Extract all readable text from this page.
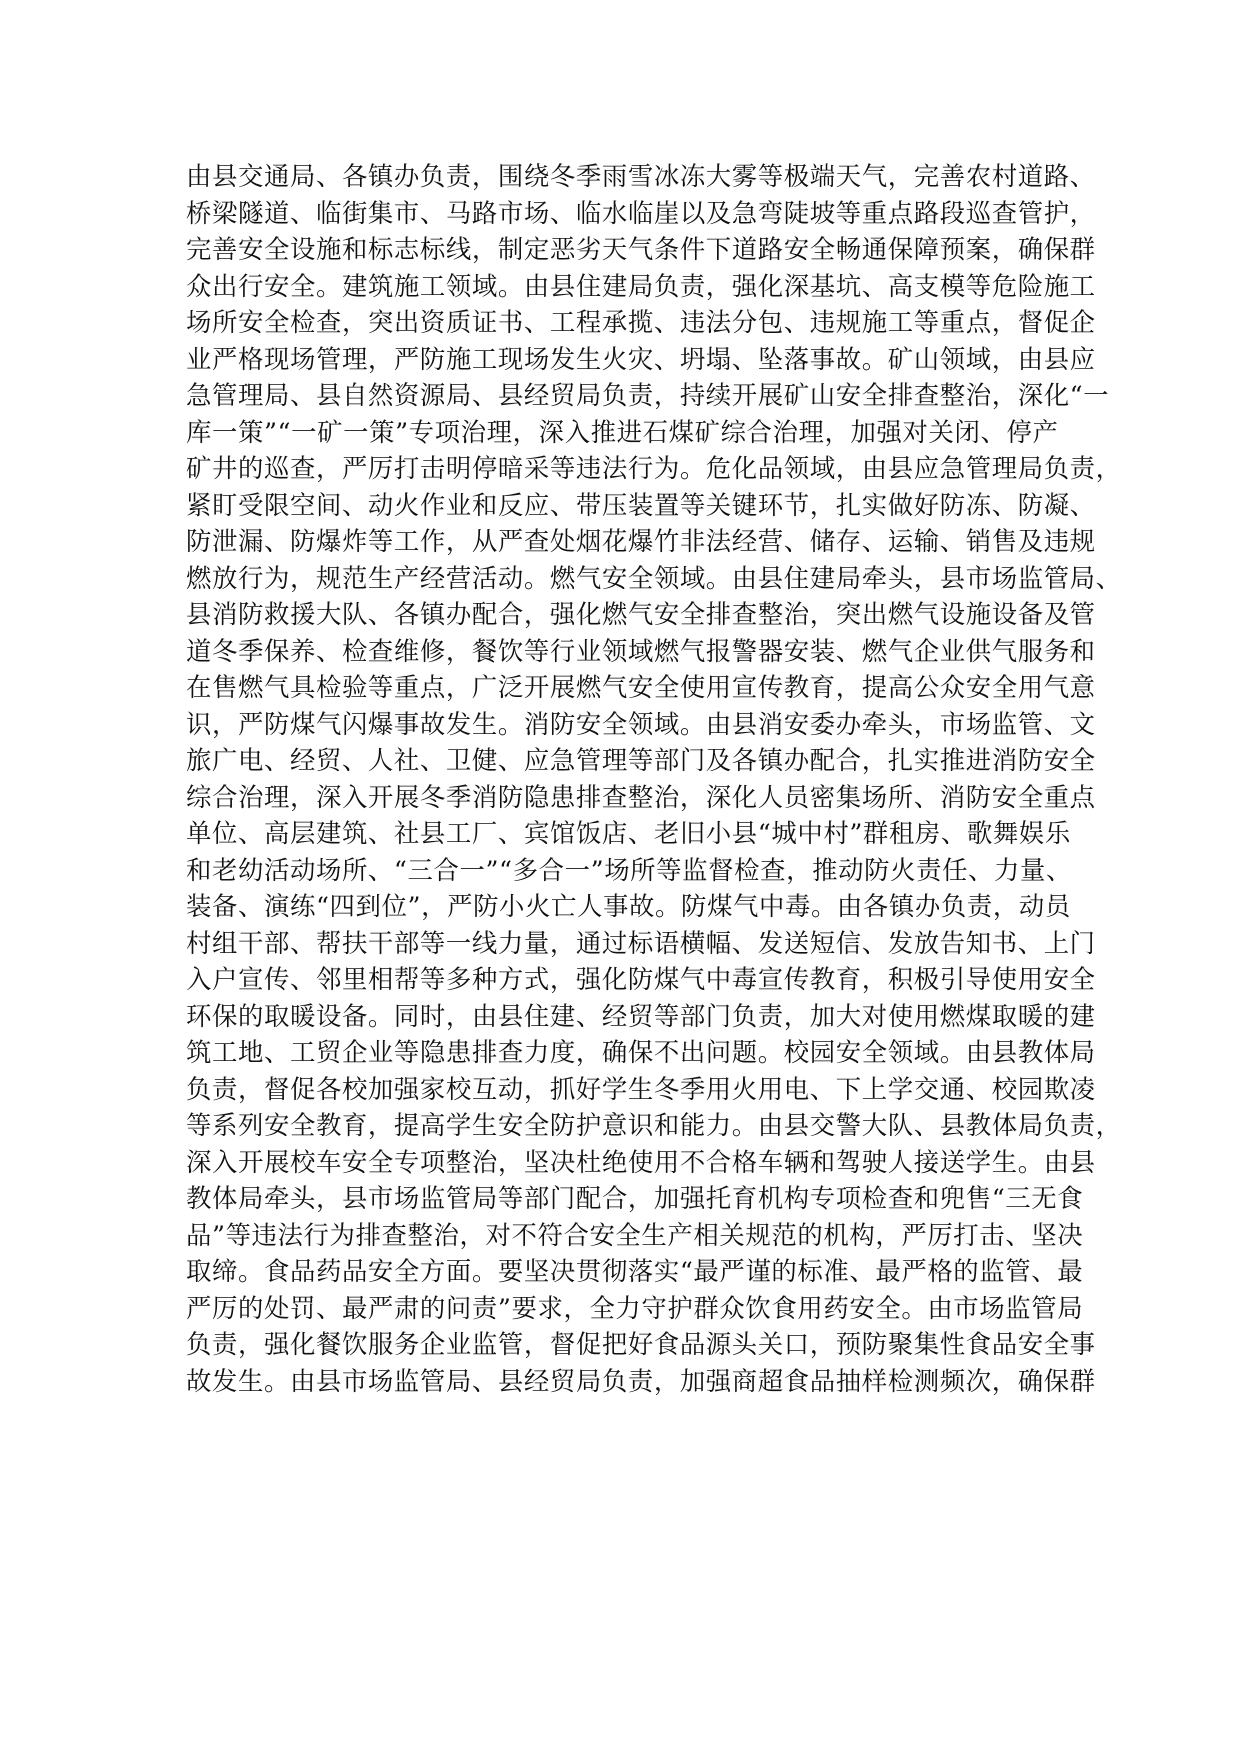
由县交通局、各镇办负责，围绕冬季雨雪冰冻大雾等极端天气，完善农村道路、
桥梁隧道、临街集市、马路市场、临水临崖以及急弯陡坡等重点路段巡查管护，
完善安全设施和标志标线，制定恶劣天气条件下道路安全畅通保障预案，确保群
众出行安全。建筑施工领域。由县住建局负责，强化深基坑、高支模等危险施工
场所安全检查，突出资质证书、工程承揽、违法分包、违规施工等重点，督促企
业严格现场管理，严防施工现场发生火灾、坍塌、坠落事故。矿山领域，由县应
急管理局、县自然资源局、县经贸局负责，持续开展矿山安全排查整治，深化“一
库一策”“一矿一策”专项治理，深入推进石煤矿综合治理，加强对关闭、停产
矿井的巡查，严厉打击明停暗采等违法行为。危化品领域，由县应急管理局负责，
紧盯受限空间、动火作业和反应、带压装置等关键环节，扎实做好防冻、防凝、
防泄漏、防爆炸等工作，从严查处烟花爆竹非法经营、储存、运输、销售及违规
燃放行为，规范生产经营活动。燃气安全领域。由县住建局牵头，县市场监管局、
县消防救援大队、各镇办配合，强化燃气安全排查整治，突出燃气设施设备及管
道冬季保养、检查维修，餐饮等行业领域燃气报警器安装、燃气企业供气服务和
在售燃气具检验等重点，广泛开展燃气安全使用宣传教育，提高公众安全用气意
识，严防煤气闪爆事故发生。消防安全领域。由县消安委办牵头，市场监管、文
旅广电、经贸、人社、卫健、应急管理等部门及各镇办配合，扎实推进消防安全
综合治理，深入开展冬季消防隐患排查整治，深化人员密集场所、消防安全重点
单位、高层建筑、社县工厂、宾馆饭店、老旧小县“城中村”群租房、歌舞娱乐
和老幼活动场所、“三合一”“多合一”场所等监督检查，推动防火责任、力量、
装备、演练“四到位”，严防小火亡人事故。防煤气中毒。由各镇办负责，动员
村组干部、帮扶干部等一线力量，通过标语横幅、发送短信、发放告知书、上门
入户宣传、邻里相帮等多种方式，强化防煤气中毒宣传教育，积极引导使用安全
环保的取暖设备。同时，由县住建、经贸等部门负责，加大对使用燃煤取暖的建
筑工地、工贸企业等隐患排查力度，确保不出问题。校园安全领域。由县教体局
负责，督促各校加强家校互动，抓好学生冬季用火用电、下上学交通、校园欺凌
等系列安全教育，提高学生安全防护意识和能力。由县交警大队、县教体局负责，
深入开展校车安全专项整治，坚决杜绝使用不合格车辆和驾驶人接送学生。由县
教体局牵头，县市场监管局等部门配合，加强托育机构专项检查和兜售“三无食
品”等违法行为排查整治，对不符合安全生产相关规范的机构，严厉打击、坚决
取缔。食品药品安全方面。要坚决贯彻落实“最严谨的标准、最严格的监管、最
严厉的处罚、最严肃的问责”要求，全力守护群众饮食用药安全。由市场监管局
负责，强化餐饮服务企业监管，督促把好食品源头关口，预防聚集性食品安全事
故发生。由县市场监管局、县经贸局负责，加强商超食品抽样检测频次，确保群
